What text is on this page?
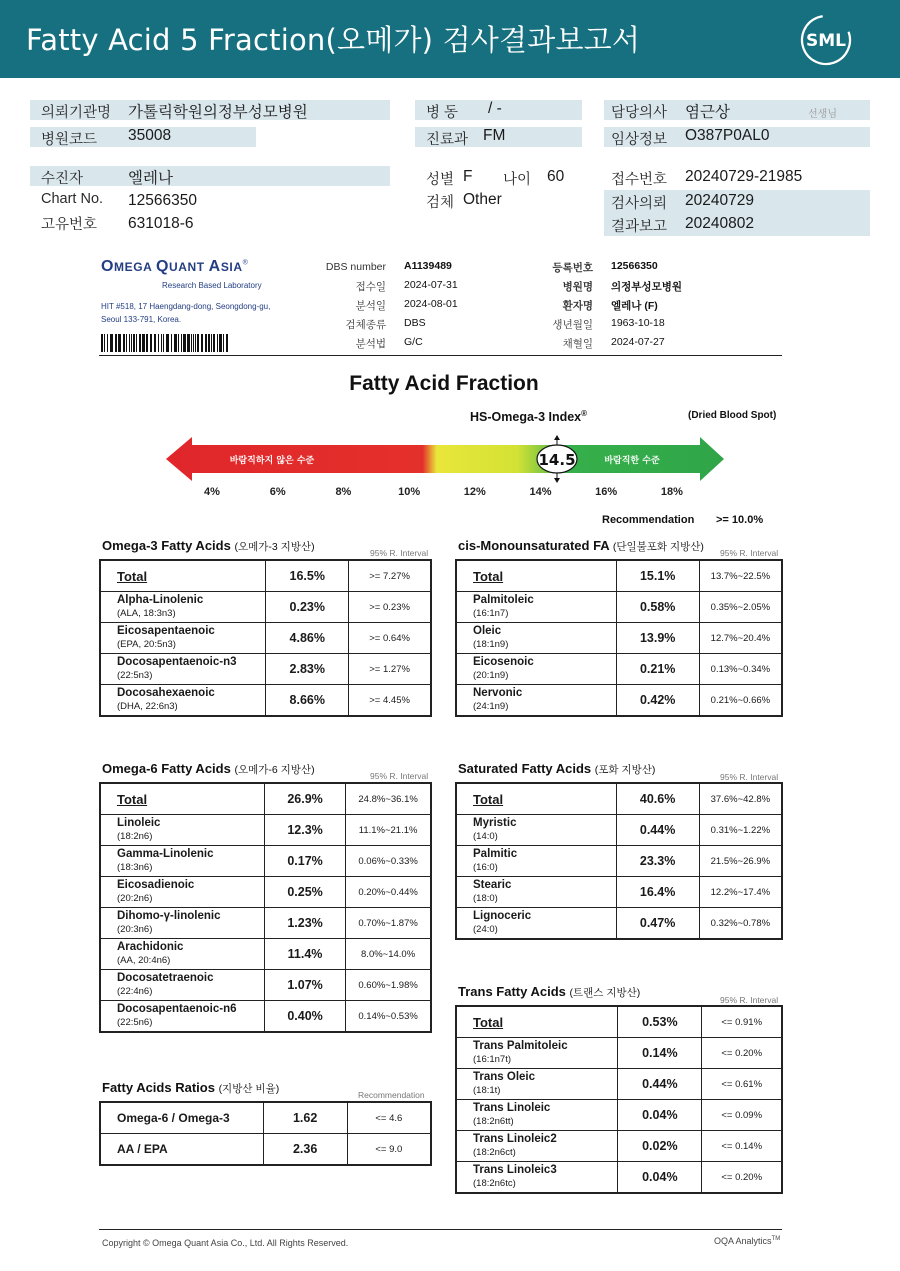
Fatty Acid 5 Fraction(오메가) 검사결과보고서	SML
의뢰기관명 가톨릭학원의정부성모병원
병원코드 35008
병 동 / -
진료과 FM
담당의사 염근상	선생님
임상정보 O387P0AL0
수진자	엘레나
Chart No. 12566350
고유번호 631018-6
성별 F 나이 60
검체 Other
접수번호 20240729-21985
검사의뢰 20240729
결과보고 20240802
OMEGA QUANT ASIA®
Research Based Laboratory
HIT #518, 17 Haengdang-dong, Seongdong-gu,
Seoul 133-791, Korea.
DBS number A1139489
접수일 2024-07-31
분석일 2024-08-01
검체종류 DBS
분석법 G/C
등록번호 12566350
병원명 의정부성모병원
환자명 엘레나 (F)
생년월일 1963-10-18
채혈일 2024-07-27
Fatty Acid Fraction
HS-Omega-3 Index®	(Dried Blood Spot)
바람직하지 않은 수준	바람직한 수준
14.5
4%	6%	8%	10%	12%	14%	16%	18%
Recommendation >= 10.0%
Omega-3 Fatty Acids (오메가-3 지방산)	95% R. Interval cis-Monounsaturated FA (단일불포화 지방산) 95% R. Interval
Omega-6 Fatty Acids (오메가-6 지방산)	95% R. Interval Saturated Fatty Acids (포화 지방산)
95% R. Interval
Trans Fatty Acids (트랜스 지방산)
95% R. Interval
Fatty Acids Ratios (지방산 비율)	Recommendation
Total	16.5%	>= 7.27%
Alpha-Linolenic
(ALA, 18:3n3)	0.23%	>= 0.23%
Eicosapentaenoic
(EPA, 20:5n3)	4.86%	>= 0.64%
Docosapentaenoic-n3
(22:5n3)	2.83%	>= 1.27%
Docosahexaenoic
(DHA, 22:6n3)	8.66%	>= 4.45%
Total	15.1%	13.7%~22.5%
Palmitoleic
(16:1n7)	0.58%	0.35%~2.05%
Oleic
(18:1n9)	13.9%	12.7%~20.4%
Eicosenoic
(20:1n9)	0.21%	0.13%~0.34%
Nervonic
(24:1n9)	0.42%	0.21%~0.66%
Total	26.9%	24.8%~36.1%
Linoleic
(18:2n6)	12.3%	11.1%~21.1%
Gamma-Linolenic
(18:3n6)	0.17%	0.06%~0.33%
Eicosadienoic
(20:2n6)	0.25%	0.20%~0.44%
Dihomo-γ-linolenic
(20:3n6)	1.23%	0.70%~1.87%
Arachidonic
(AA, 20:4n6)	11.4%	8.0%~14.0%
Docosatetraenoic
(22:4n6)	1.07%	0.60%~1.98%
Docosapentaenoic-n6
(22:5n6)	0.40%	0.14%~0.53%
Total	40.6%	37.6%~42.8%
Myristic
(14:0)	0.44%	0.31%~1.22%
Palmitic
(16:0)	23.3%	21.5%~26.9%
Stearic
(18:0)	16.4%	12.2%~17.4%
Lignoceric
(24:0)	0.47%	0.32%~0.78%
Total	0.53%	<= 0.91%
Trans Palmitoleic
(16:1n7t)	0.14%	<= 0.20%
Trans Oleic
(18:1t)	0.44%	<= 0.61%
Trans Linoleic
(18:2n6tt)	0.04%	<= 0.09%
Trans Linoleic2
(18:2n6ct)	0.02%	<= 0.14%
Trans Linoleic3
(18:2n6tc)	0.04%	<= 0.20%
Omega-6 / Omega-3	1.62	<= 4.6
AA / EPA	2.36	<= 9.0
Copyright © Omega Quant Asia Co., Ltd. All Rights Reserved.	OQA Analytics™
